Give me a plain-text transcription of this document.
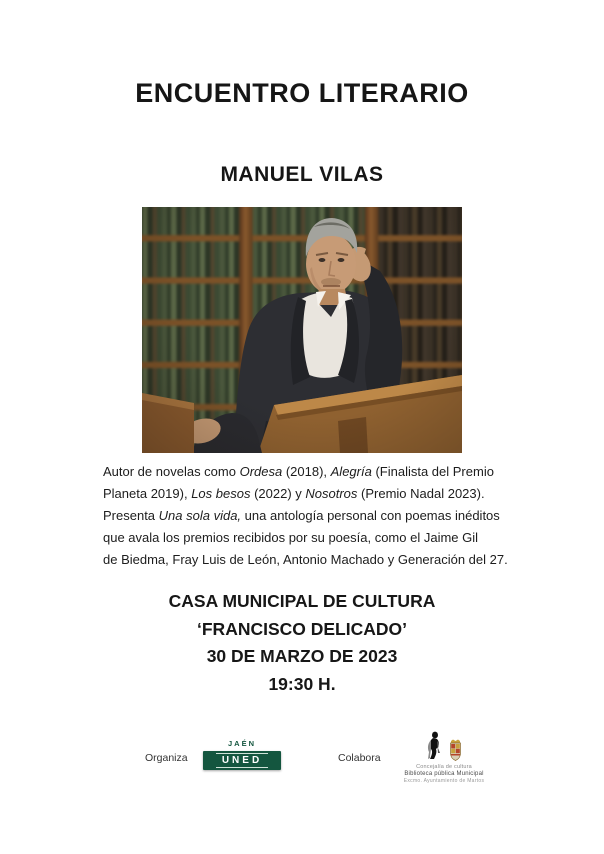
ENCUENTRO LITERARIO
MANUEL VILAS
Autor de novelas como Ordesa (2018), Alegría (Finalista del Premio
Planeta 2019), Los besos (2022) y Nosotros (Premio Nadal 2023).
Presenta Una sola vida, una antología personal con poemas inéditos
que avala los premios recibidos por su poesía, como el Jaime Gil
de Biedma, Fray Luis de León, Antonio Machado y Generación del 27.
CASA MUNICIPAL DE CULTURA
‘FRANCISCO DELICADO’
30 DE MARZO DE 2023
19:30 H.
Organiza
JAÉN
UNED	Colabora
Concejalía de cultura
Biblioteca pública Municipal
Excmo. Ayuntamiento de Martos
